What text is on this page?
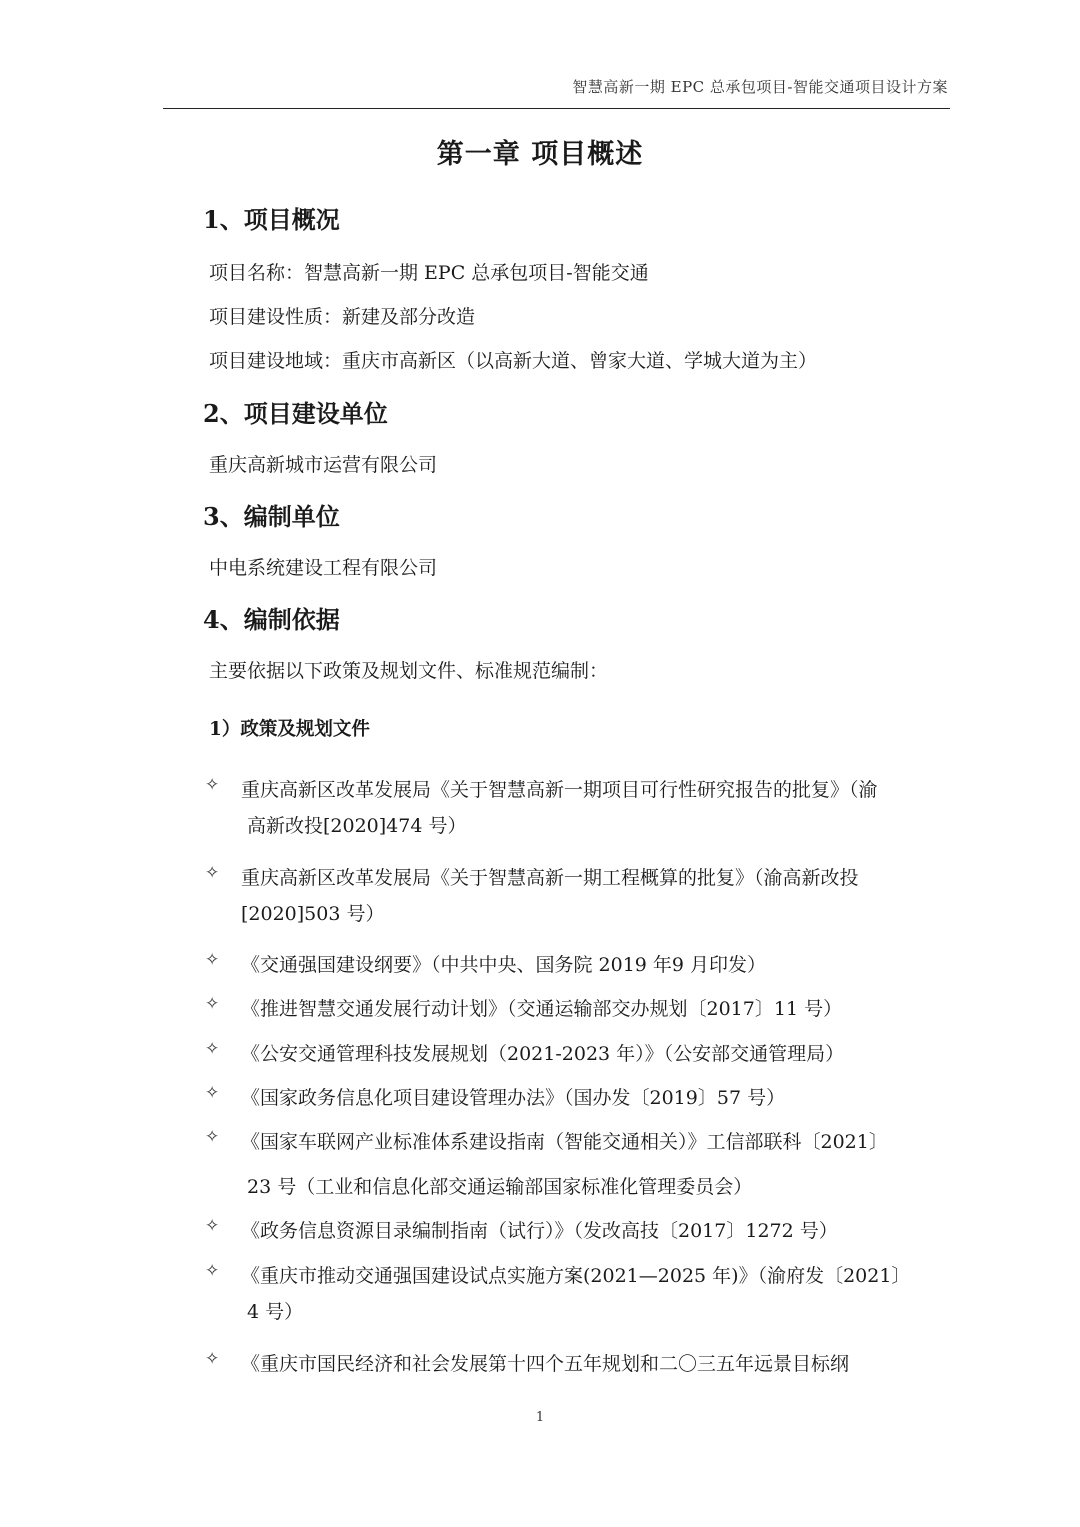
智慧高新一期 EPC 总承包项目-智能交通项目设计方案
第一章 项目概述
1、项目概况
项目名称：智慧高新一期 EPC 总承包项目-智能交通
项目建设性质：新建及部分改造
项目建设地域：重庆市高新区（以高新大道、曾家大道、学城大道为主）
2、项目建设单位
重庆高新城市运营有限公司
3、编制单位
中电系统建设工程有限公司
4、编制依据
主要依据以下政策及规划文件、标准规范编制：
1）政策及规划文件
✧ 重庆高新区改革发展局《关于智慧高新一期项目可行性研究报告的批复》（渝
高新改投[2020]474 号）
✧ 重庆高新区改革发展局《关于智慧高新一期工程概算的批复》（渝高新改投
[2020]503 号）
✧ 《交通强国建设纲要》（中共中央、国务院 2019 年9 月印发）
✧ 《推进智慧交通发展行动计划》（交通运输部交办规划〔2017〕11 号）
✧ 《公安交通管理科技发展规划（2021-2023 年）》（公安部交通管理局）
✧ 《国家政务信息化项目建设管理办法》（国办发〔2019〕57 号）
✧ 《国家车联网产业标准体系建设指南（智能交通相关）》工信部联科〔2021〕
23 号（工业和信息化部交通运输部国家标准化管理委员会）
✧ 《政务信息资源目录编制指南（试行）》（发改高技〔2017〕1272 号）
✧ 《重庆市推动交通强国建设试点实施方案(2021—2025 年)》（渝府发〔2021〕
4 号）
✧ 《重庆市国民经济和社会发展第十四个五年规划和二〇三五年远景目标纲
1
